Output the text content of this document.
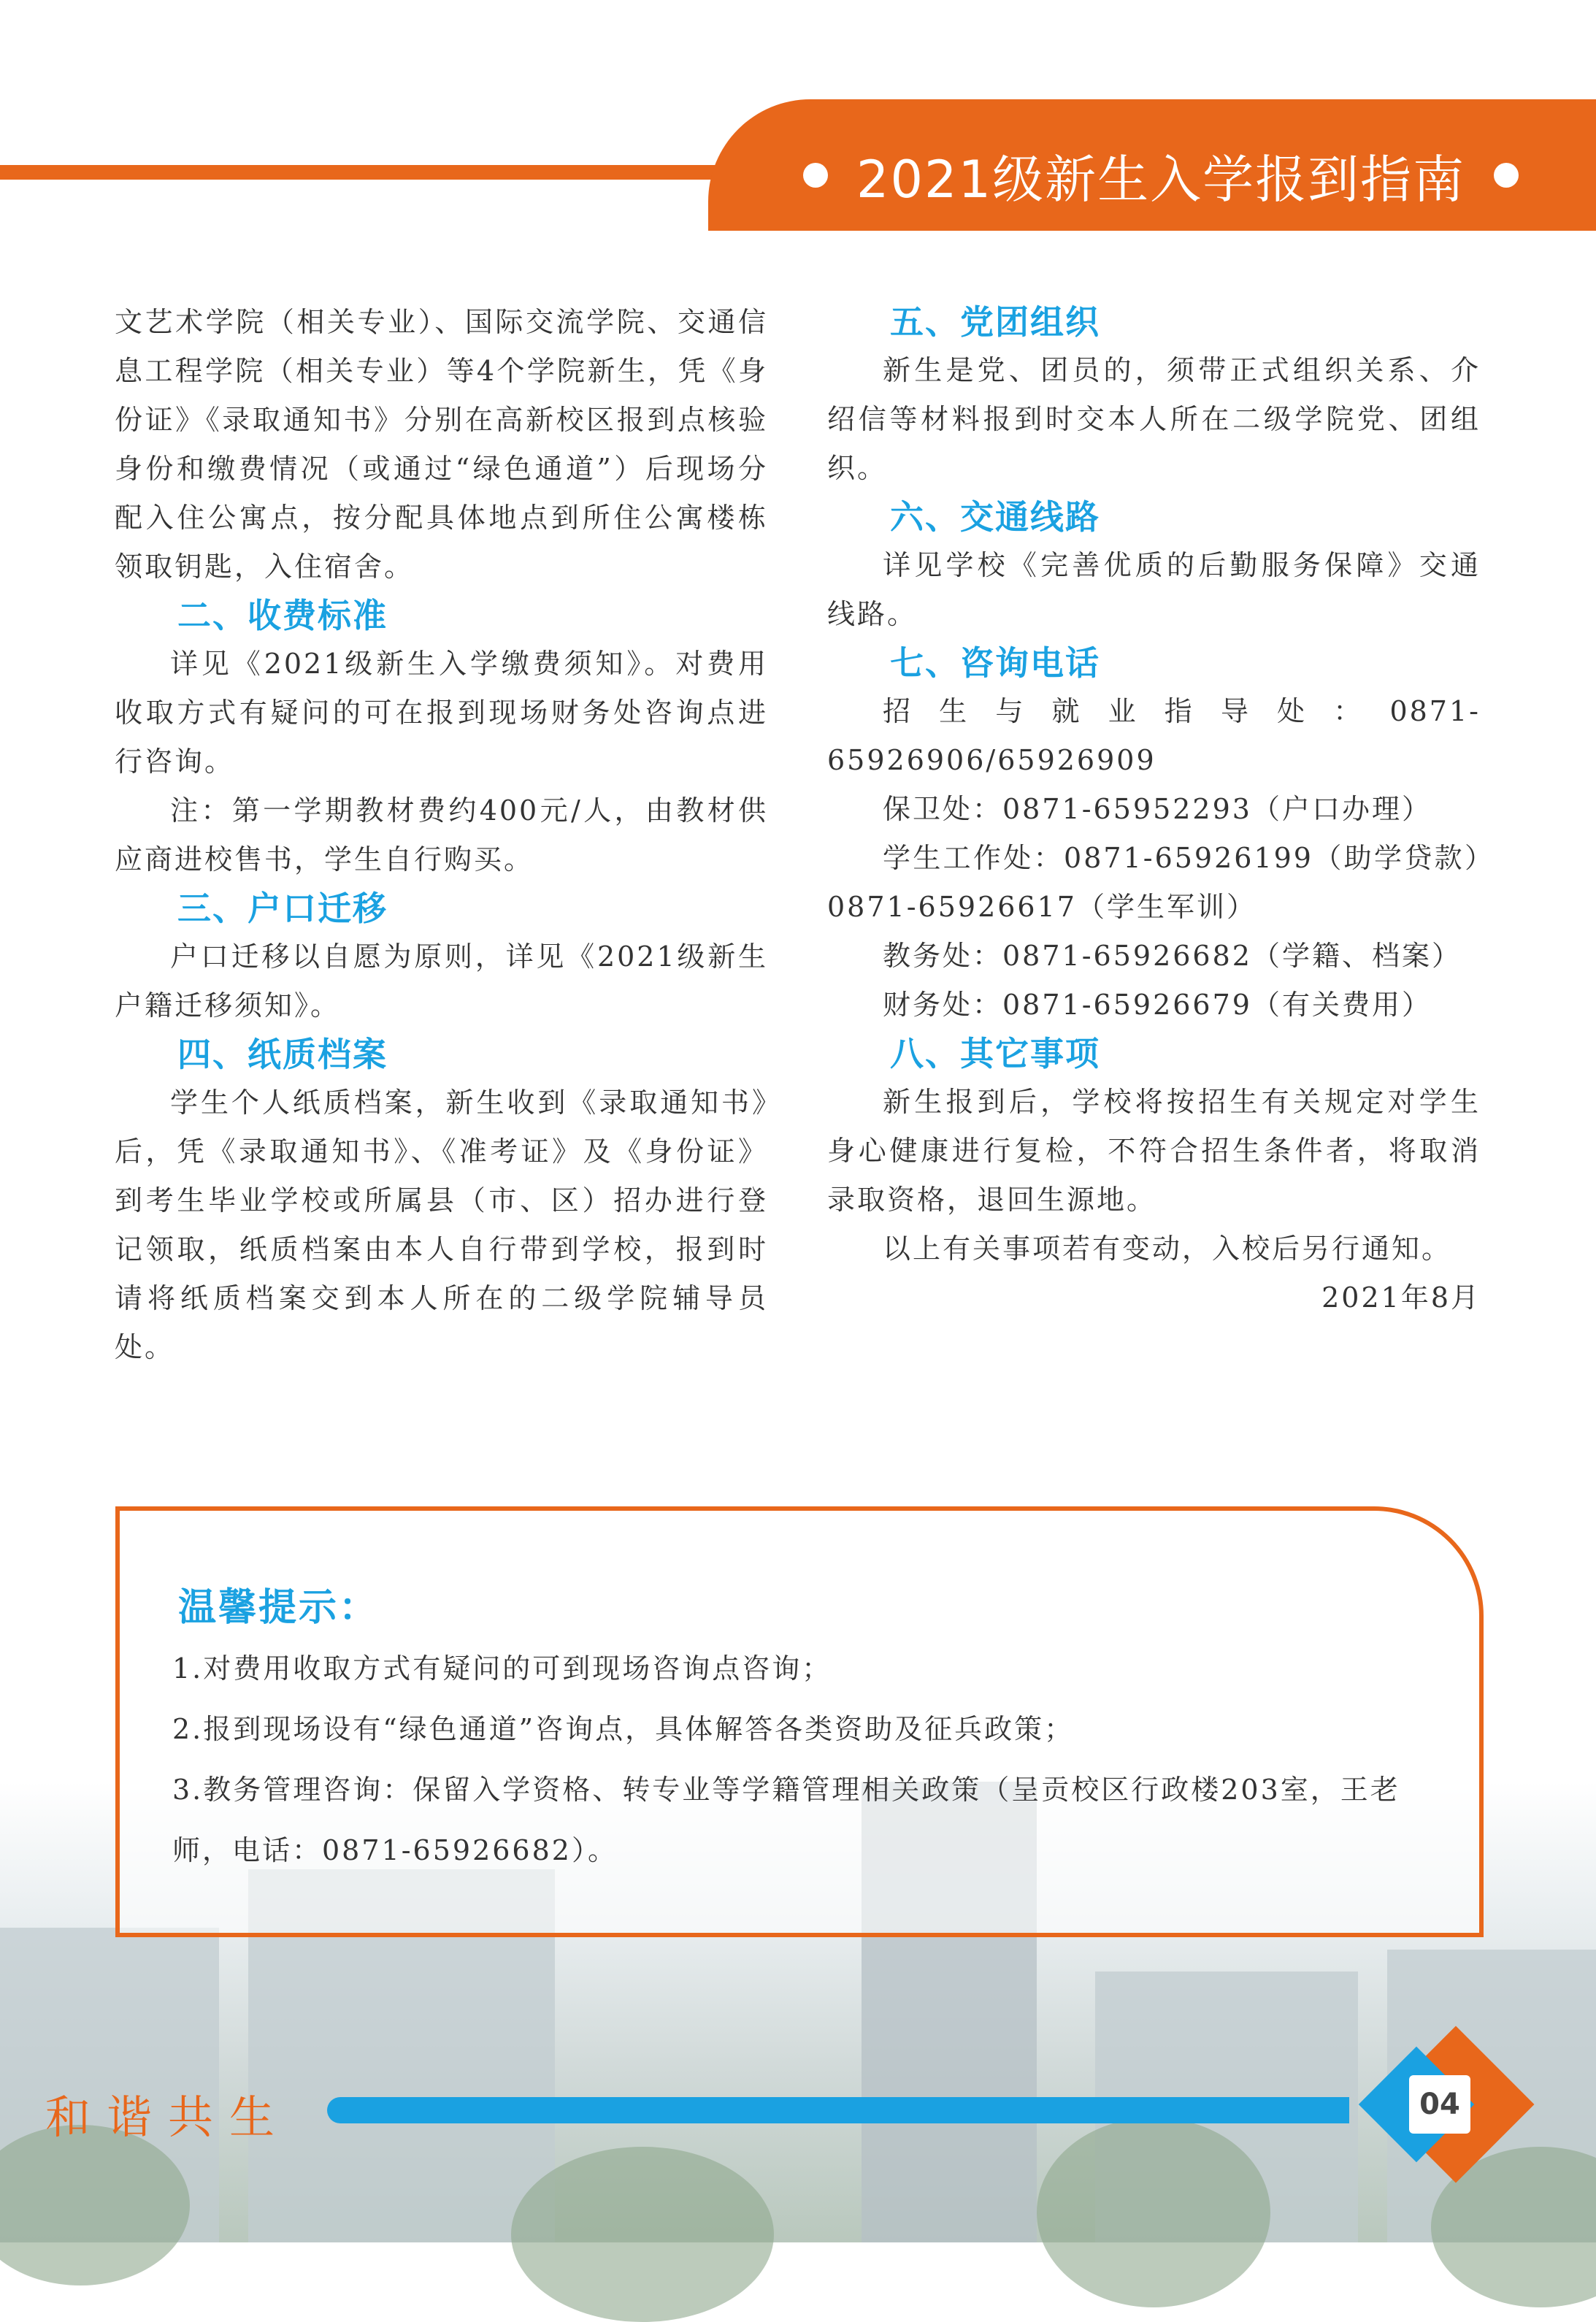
2021级新生入学报到指南

文艺术学院（相关专业）、国际交流学院、交通信息工程学院（相关专业）等4个学院新生，凭《身份证》《录取通知书》分别在高新校区报到点核验身份和缴费情况（或通过“绿色通道”）后现场分配入住公寓点，按分配具体地点到所住公寓楼栋领取钥匙，入住宿舍。

二、收费标准

详见《2021级新生入学缴费须知》。对费用收取方式有疑问的可在报到现场财务处咨询点进行咨询。

注：第一学期教材费约400元/人，由教材供应商进校售书，学生自行购买。

三、户口迁移

户口迁移以自愿为原则，详见《2021级新生户籍迁移须知》。

四、纸质档案

学生个人纸质档案，新生收到《录取通知书》后，凭《录取通知书》、《准考证》及《身份证》到考生毕业学校或所属县（市、区）招办进行登记领取，纸质档案由本人自行带到学校，报到时请将纸质档案交到本人所在的二级学院辅导员处。

五、党团组织

新生是党、团员的，须带正式组织关系、介绍信等材料报到时交本人所在二级学院党、团组织。

六、交通线路

详见学校《完善优质的后勤服务保障》交通线路。

七、咨询电话

招生与就业指导处：0871-65926906/65926909

保卫处：0871-65952293（户口办理）

学生工作处：0871-65926199（助学贷款）0871-65926617（学生军训）

教务处：0871-65926682（学籍、档案）

财务处：0871-65926679（有关费用）

八、其它事项

新生报到后，学校将按招生有关规定对学生身心健康进行复检，不符合招生条件者，将取消录取资格，退回生源地。

以上有关事项若有变动，入校后另行通知。

2021年8月

温馨提示：

1.对费用收取方式有疑问的可到现场咨询点咨询；

2.报到现场设有“绿色通道”咨询点，具体解答各类资助及征兵政策；

3.教务管理咨询：保留入学资格、转专业等学籍管理相关政策（呈贡校区行政楼203室，王老师，电话：0871-65926682）。

和谐共生	04
